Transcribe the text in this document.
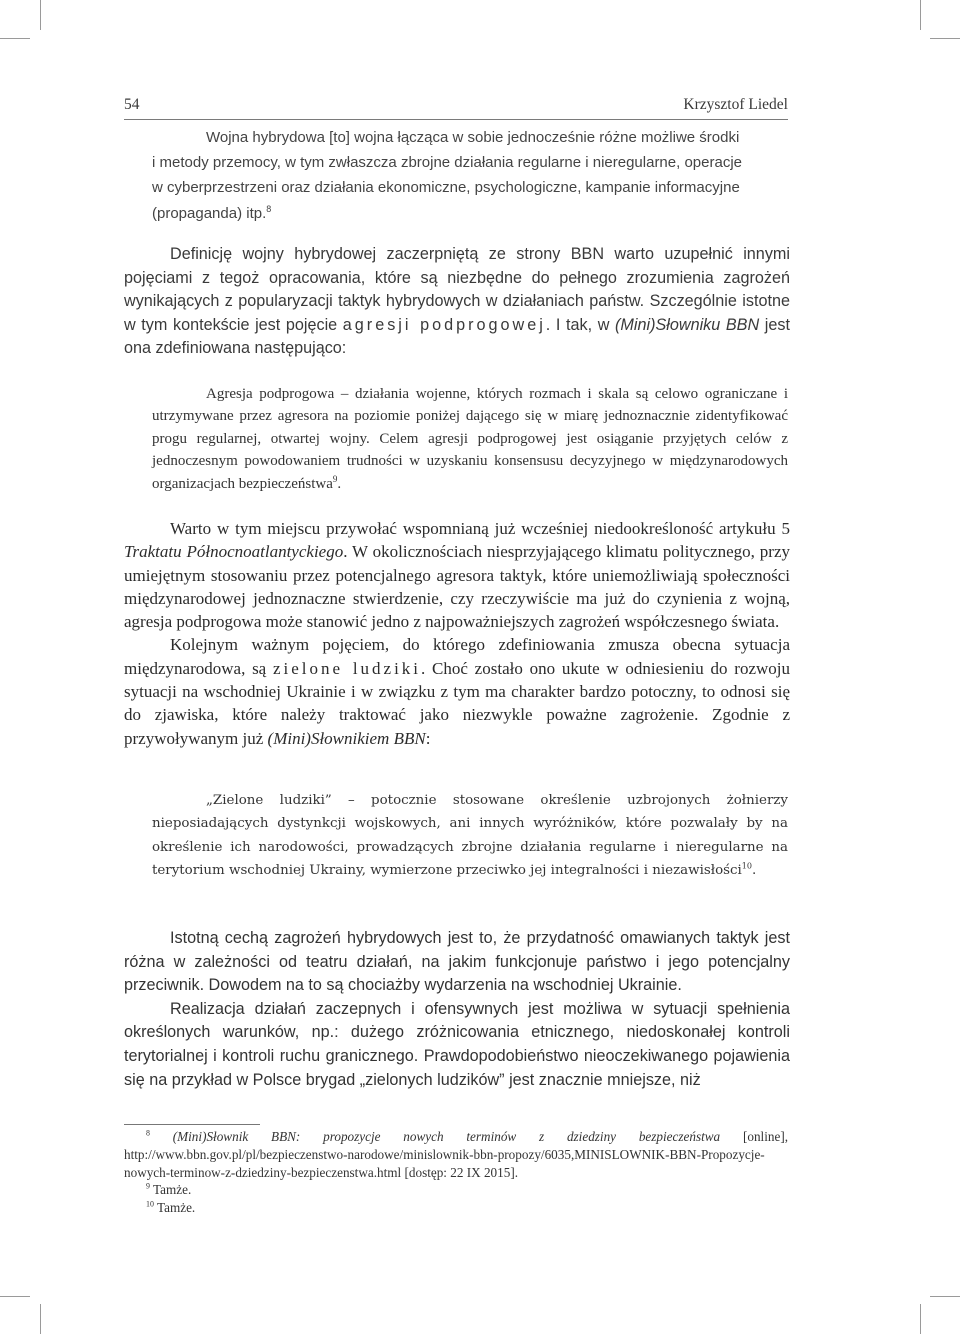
54	Krzysztof Liedel

Wojna hybrydowa [to] wojna łącząca w sobie jednocześnie różne możliwe środki

i metody przemocy, w tym zwłaszcza zbrojne działania regularne i nieregularne, operacje

w cyberprzestrzeni oraz działania ekonomiczne, psychologiczne, kampanie informacyjne

(propaganda) itp.$^8$

Definicję wojny hybrydowej zaczerpniętą ze strony BBN warto uzupełnić innymi pojęciami z tegoż opracowania, które są niezbędne do pełnego zrozumienia zagrożeń wynikających z popularyzacji taktyk hybrydowych w działaniach państw. Szczególnie istotne w tym kontekście jest pojęcie agresji podprogowej. I tak, w (Mini)Słowniku BBN jest ona zdefiniowana następująco:

Agresja podprogowa – działania wojenne, których rozmach i skala są celowo ograniczane i utrzymywane przez agresora na poziomie poniżej dającego się w miarę jednoznacznie zidentyfikować progu regularnej, otwartej wojny. Celem agresji podprogowej jest osiąganie przyjętych celów z jednoczesnym powodowaniem trudności w uzyskaniu konsensusu decyzyjnego w międzynarodowych organizacjach bezpieczeństwa$^9$.

Warto w tym miejscu przywołać wspomnianą już wcześniej niedookreśloność artykułu 5 Traktatu Północnoatlantyckiego. W okolicznościach niesprzyjającego klimatu politycznego, przy umiejętnym stosowaniu przez potencjalnego agresora taktyk, które uniemożliwiają społeczności międzynarodowej jednoznaczne stwierdzenie, czy rzeczywiście ma już do czynienia z wojną, agresja podprogowa może stanowić jedno z najpoważniejszych zagrożeń współczesnego świata.

Kolejnym ważnym pojęciem, do którego zdefiniowania zmusza obecna sytuacja międzynarodowa, są zielone ludziki. Choć zostało ono ukute w odniesieniu do rozwoju sytuacji na wschodniej Ukrainie i w związku z tym ma charakter bardzo potoczny, to odnosi się do zjawiska, które należy traktować jako niezwykle poważne zagrożenie. Zgodnie z przywoływanym już (Mini)Słownikiem BBN:

„Zielone ludziki” – potocznie stosowane określenie uzbrojonych żołnierzy nieposiadających dystynkcji wojskowych, ani innych wyróżników, które pozwalały by na określenie ich narodowości, prowadzących zbrojne działania regularne i nieregularne na terytorium wschodniej Ukrainy, wymierzone przeciwko jej integralności i niezawisłości$^{10}$.

Istotną cechą zagrożeń hybrydowych jest to, że przydatność omawianych taktyk jest różna w zależności od teatru działań, na jakim funkcjonuje państwo i jego potencjalny przeciwnik. Dowodem na to są chociażby wydarzenia na wschodniej Ukrainie.

Realizacja działań zaczepnych i ofensywnych jest możliwa w sytuacji spełnienia określonych warunków, np.: dużego zróżnicowania etnicznego, niedoskonałej kontroli terytorialnej i kontroli ruchu granicznego. Prawdopodobieństwo nieoczekiwanego pojawienia się na przykład w Polsce brygad „zielonych ludzików” jest znacznie mniejsze, niż

$^8$ (Mini)Słownik BBN: propozycje nowych terminów z dziedziny bezpieczeństwa [online], http://www.bbn.gov.pl/pl/bezpieczenstwo-narodowe/minislownik-bbn-propozy/6035,MINISLOWNIK-BBN-Propozycje-nowych-terminow-z-dziedziny-bezpieczenstwa.html [dostęp: 22 IX 2015].

$^9$ Tamże.

$^{10}$ Tamże.
